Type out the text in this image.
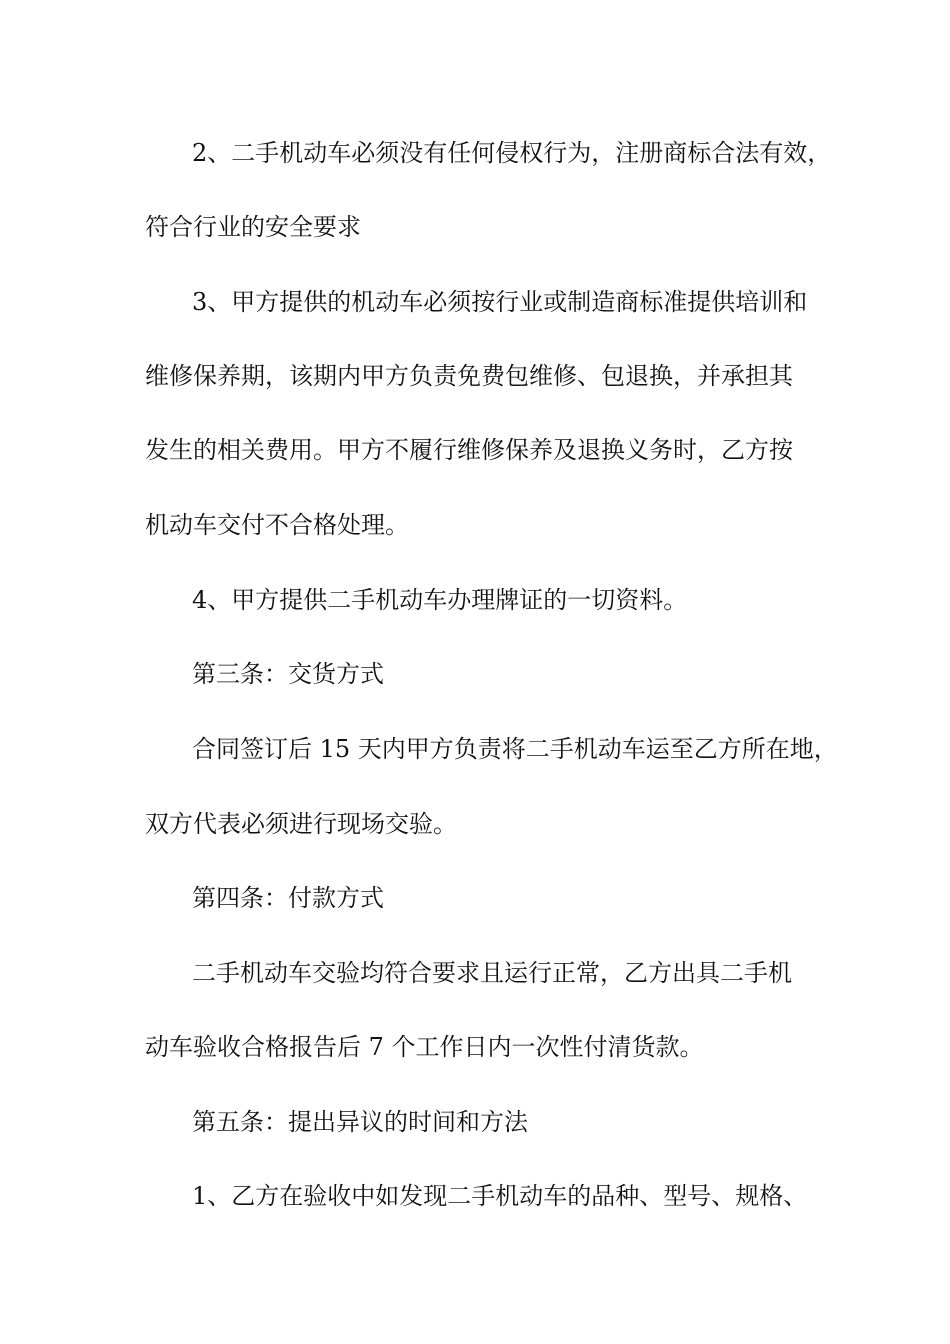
2、二手机动车必须没有任何侵权行为，注册商标合法有效，
符合行业的安全要求
3、甲方提供的机动车必须按行业或制造商标准提供培训和
维修保养期，该期内甲方负责免费包维修、包退换，并承担其
发生的相关费用。甲方不履行维修保养及退换义务时，乙方按
机动车交付不合格处理。
4、甲方提供二手机动车办理牌证的一切资料。
第三条：交货方式
合同签订后 15 天内甲方负责将二手机动车运至乙方所在地，
双方代表必须进行现场交验。
第四条：付款方式
二手机动车交验均符合要求且运行正常，乙方出具二手机
动车验收合格报告后 7 个工作日内一次性付清货款。
第五条：提出异议的时间和方法
1、乙方在验收中如发现二手机动车的品种、型号、规格、
